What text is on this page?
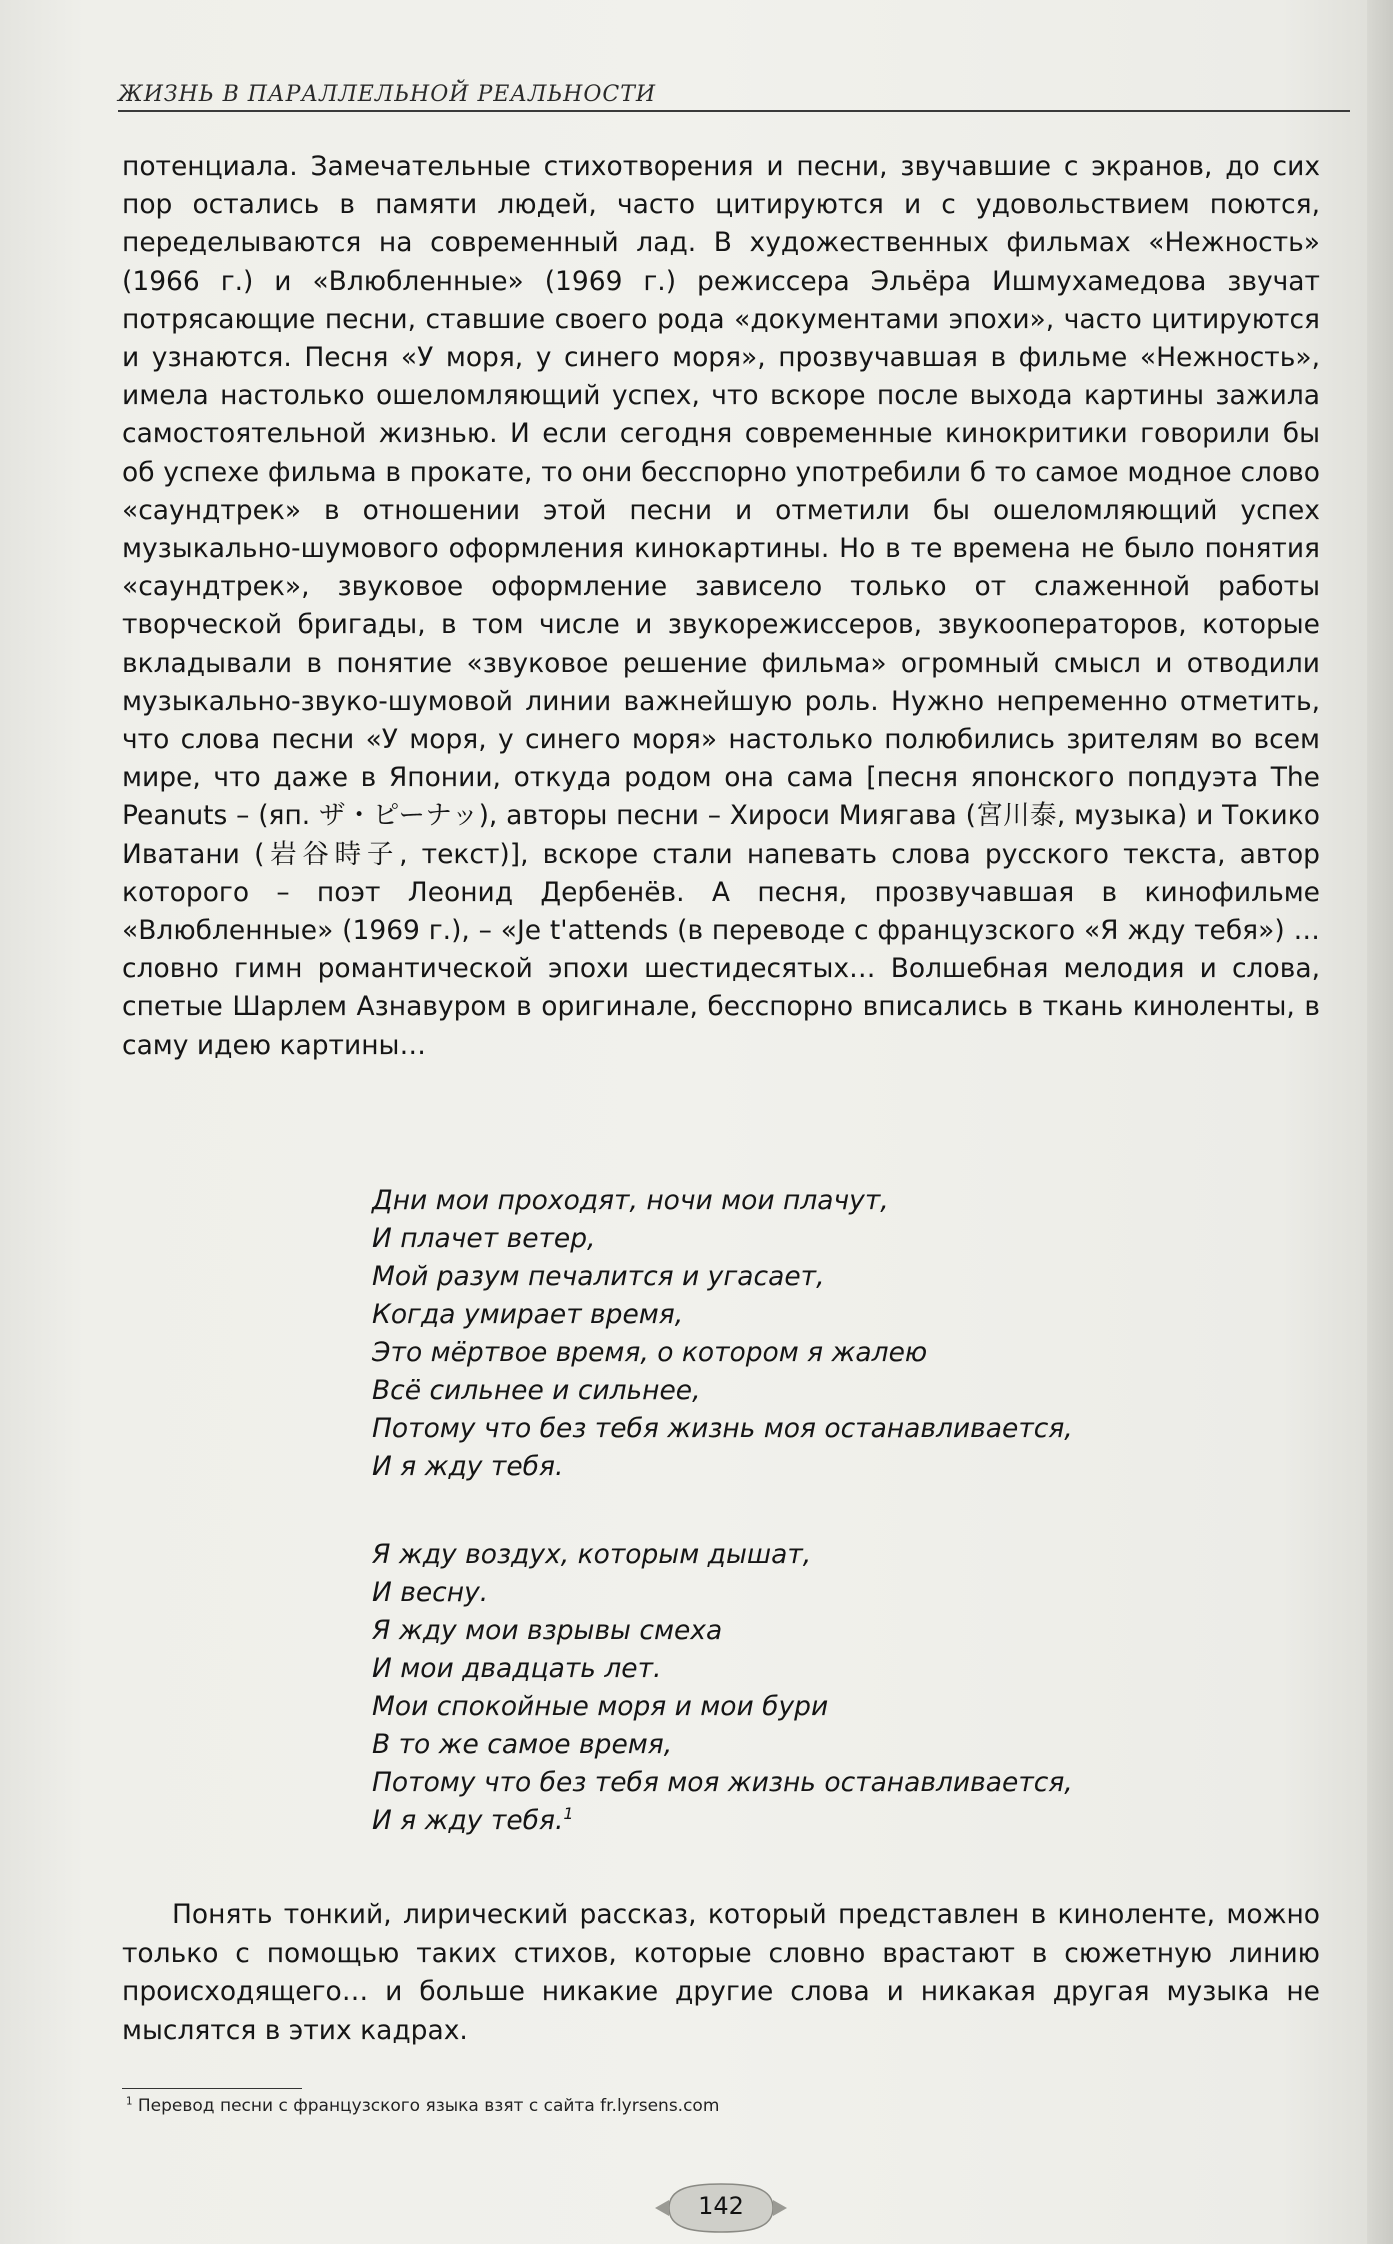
ЖИЗНЬ В ПАРАЛЛЕЛЬНОЙ РЕАЛЬНОСТИ

потенциала. Замечательные стихотворения и песни, звучавшие с экранов, до сих пор остались в памяти людей, часто цитируются и с удовольствием поются, переделываются на современный лад. В художественных фильмах «Нежность» (1966 г.) и «Влюбленные» (1969 г.) режиссера Эльёра Ишмухамедова звучат потрясающие песни, ставшие своего рода «документами эпохи», часто цитируются и узнаются. Песня «У моря, у синего моря», прозвучавшая в фильме «Нежность», имела настолько ошеломляющий успех, что вскоре после выхода картины зажила самостоятельной жизнью. И если сегодня современные кинокритики говорили бы об успехе фильма в прокате, то они бесспорно употребили б то самое модное слово «саундтрек» в отношении этой песни и отметили бы ошеломляющий успех музыкально-шумового оформления кинокартины. Но в те времена не было понятия «саундтрек», звуковое оформление зависело только от слаженной работы творческой бригады, в том числе и звукорежиссеров, звукооператоров, которые вкладывали в понятие «звуковое решение фильма» огромный смысл и отводили музыкально-звуко-шумовой линии важнейшую роль. Нужно непременно отметить, что слова песни «У моря, у синего моря» настолько полюбились зрителям во всем мире, что даже в Японии, откуда родом она сама [песня японского попдуэта The Peanuts – (яп. ザ・ピーナッ), авторы песни – Хироси Миягава (宮川泰, музыка) и Токико Иватани (岩谷時子, текст)], вскоре стали напевать слова русского текста, автор которого – поэт Леонид Дербенёв. А песня, прозвучавшая в кинофильме «Влюбленные» (1969 г.), – «Je t'attends (в переводе с французского «Я жду тебя») …словно гимн романтической эпохи шестидесятых… Волшебная мелодия и слова, спетые Шарлем Азнавуром в оригинале, бесспорно вписались в ткань киноленты, в саму идею картины…

Дни мои проходят, ночи мои плачут,
И плачет ветер,
Мой разум печалится и угасает,
Когда умирает время,
Это мёртвое время, о котором я жалею
Всё сильнее и сильнее,
Потому что без тебя жизнь моя останавливается,
И я жду тебя.
Я жду воздух, которым дышат,
И весну.
Я жду мои взрывы смеха
И мои двадцать лет.
Мои спокойные моря и мои бури
В то же самое время,
Потому что без тебя моя жизнь останавливается,
И я жду тебя.$^1$
Понять тонкий, лирический рассказ, который представлен в киноленте, можно только с помощью таких стихов, которые словно врастают в сюжетную линию происходящего… и больше никакие другие слова и никакая другая музыка не мыслятся в этих кадрах.
$^1$ Перевод песни с французского языка взят с сайта fr.lyrsens.com
142
